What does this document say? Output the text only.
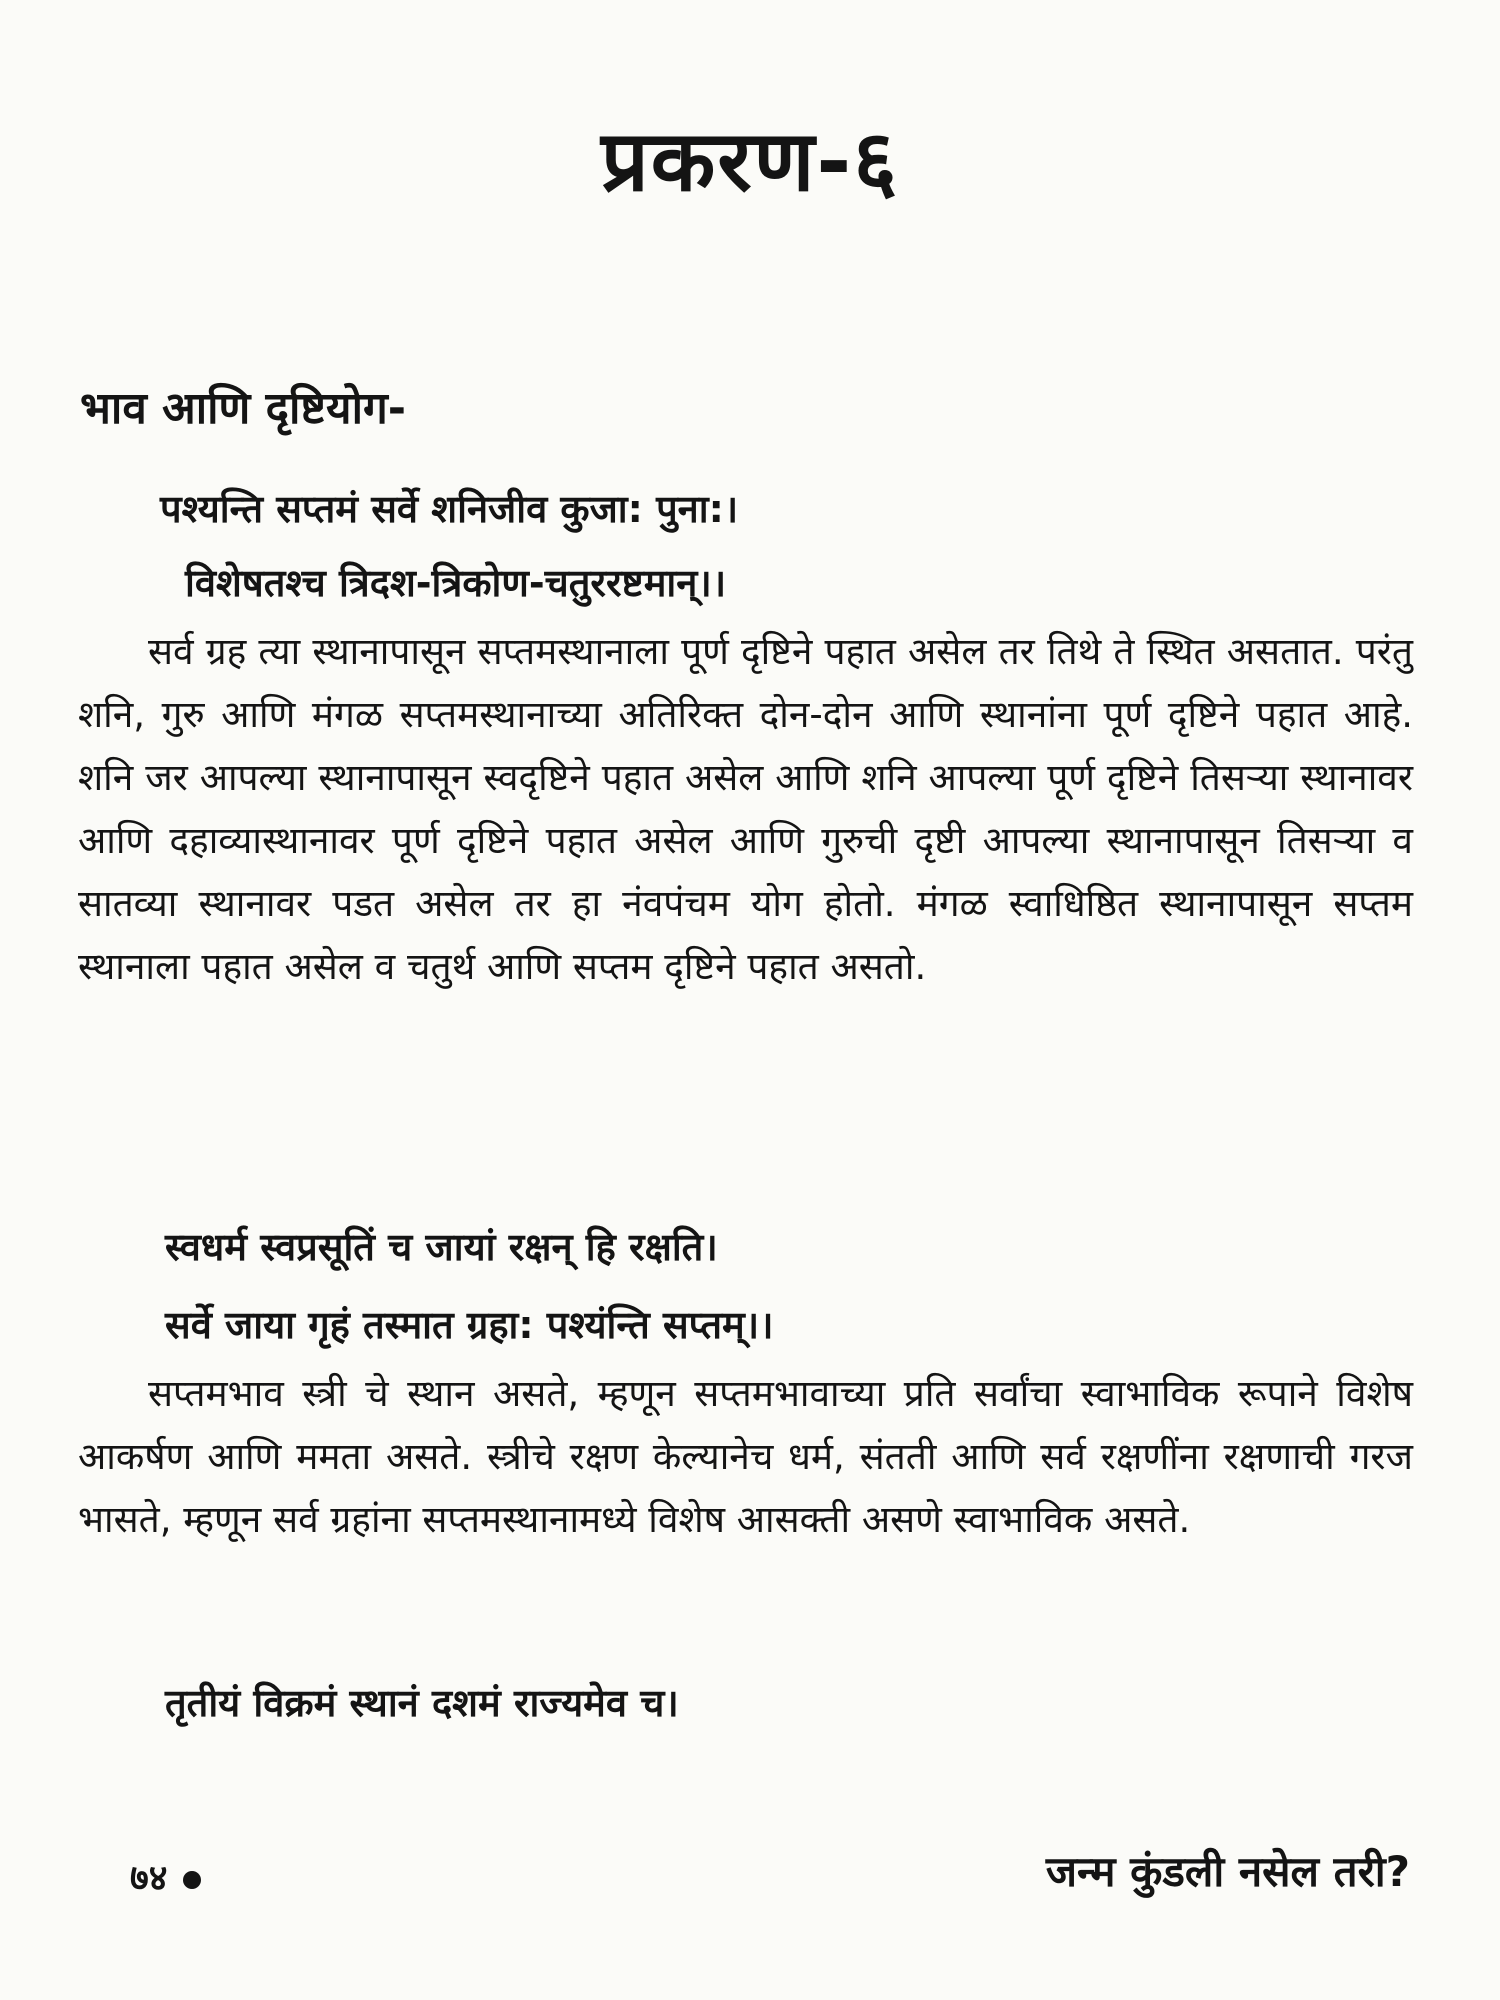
प्रकरण-६
भाव आणि दृष्टियोग-
पश्यन्ति सप्तमं सर्वे शनिजीव कुजा: पुना:।
विशेषतश्च त्रिदश-त्रिकोण-चतुररष्टमान्।।
सर्व ग्रह त्या स्थानापासून सप्तमस्थानाला पूर्ण दृष्टिने पहात असेल तर तिथे ते स्थित असतात. परंतु शनि, गुरु आणि मंगळ सप्तमस्थानाच्या अतिरिक्त दोन-दोन आणि स्थानांना पूर्ण दृष्टिने पहात आहे. शनि जर आपल्या स्थानापासून स्वदृष्टिने पहात असेल आणि शनि आपल्या पूर्ण दृष्टिने तिसऱ्या स्थानावर आणि दहाव्यास्थानावर पूर्ण दृष्टिने पहात असेल आणि गुरुची दृष्टी आपल्या स्थानापासून तिसऱ्या व सातव्या स्थानावर पडत असेल तर हा नंवपंचम योग होतो. मंगळ स्वाधिष्ठित स्थानापासून सप्तम स्थानाला पहात असेल व चतुर्थ आणि सप्तम दृष्टिने पहात असतो.
स्वधर्म स्वप्रसूतिं च जायां रक्षन् हि रक्षति।
सर्वे जाया गृहं तस्मात ग्रहा: पश्यंन्ति सप्तम्।।
सप्तमभाव स्त्री चे स्थान असते, म्हणून सप्तमभावाच्या प्रति सर्वांचा स्वाभाविक रूपाने विशेष आकर्षण आणि ममता असते. स्त्रीचे रक्षण केल्यानेच धर्म, संतती आणि सर्व रक्षणींना रक्षणाची गरज भासते, म्हणून सर्व ग्रहांना सप्तमस्थानामध्ये विशेष आसक्ती असणे स्वाभाविक असते.
तृतीयं विक्रमं स्थानं दशमं राज्यमेव च।
७४	जन्म कुंडली नसेल तरी?
